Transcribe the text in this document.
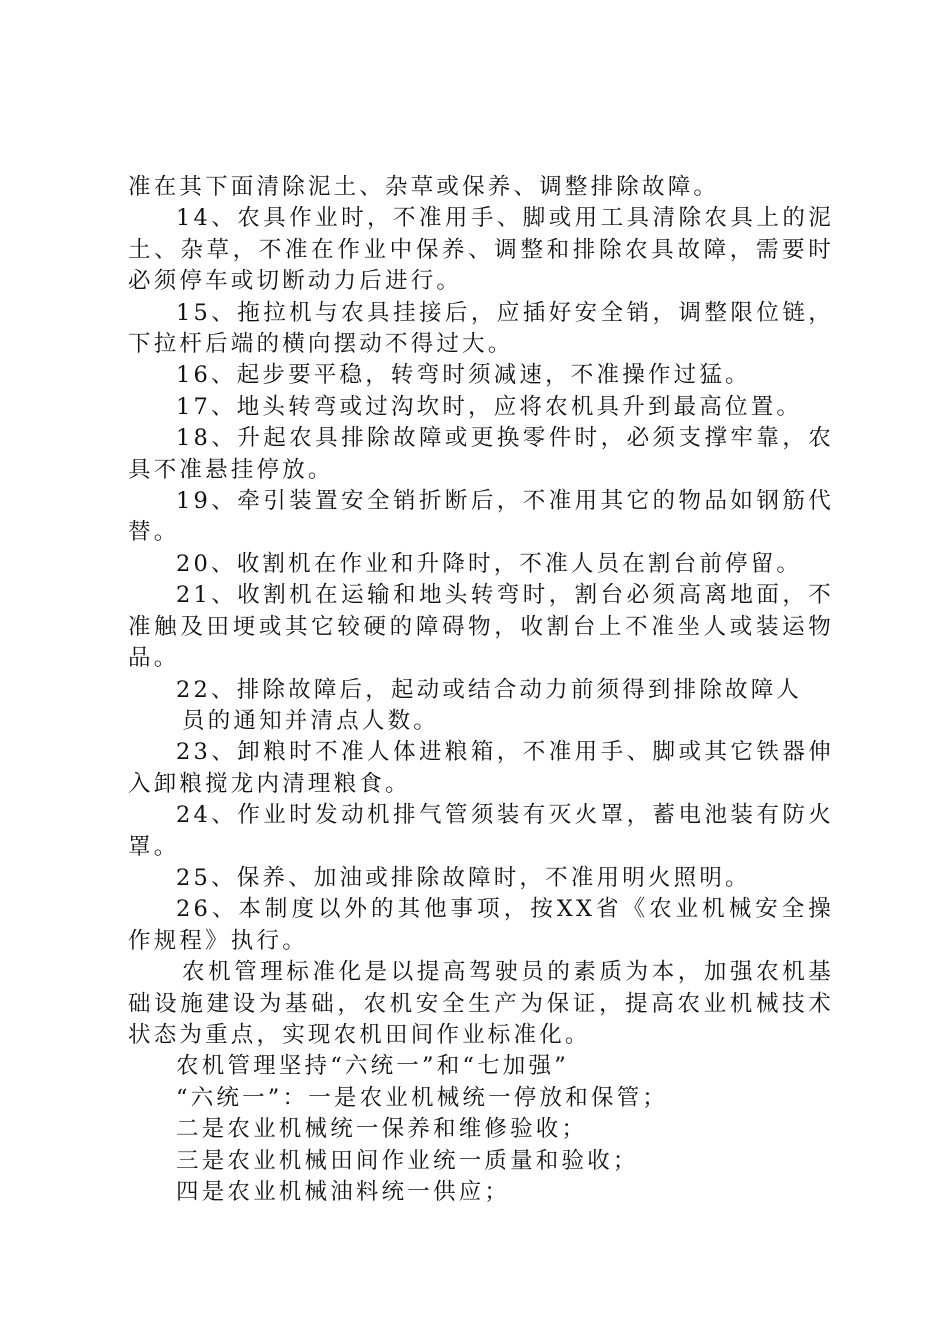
准在其下面清除泥土、杂草或保养、调整排除故障。

14、农具作业时，不准用手、脚或用工具清除农具上的泥土、杂草，不准在作业中保养、调整和排除农具故障，需要时必须停车或切断动力后进行。

15、拖拉机与农具挂接后，应插好安全销，调整限位链，下拉杆后端的横向摆动不得过大。

16、起步要平稳，转弯时须减速，不准操作过猛。

17、地头转弯或过沟坎时，应将农机具升到最高位置。

18、升起农具排除故障或更换零件时，必须支撑牢靠，农具不准悬挂停放。

19、牵引装置安全销折断后，不准用其它的物品如钢筋代替。

20、收割机在作业和升降时，不准人员在割台前停留。

21、收割机在运输和地头转弯时，割台必须高离地面，不准触及田埂或其它较硬的障碍物，收割台上不准坐人或装运物品。

22、排除故障后，起动或结合动力前须得到排除故障人

员的通知并清点人数。

23、卸粮时不准人体进粮箱，不准用手、脚或其它铁器伸入卸粮搅龙内清理粮食。

24、作业时发动机排气管须装有灭火罩，蓄电池装有防火罩。

25、保养、加油或排除故障时，不准用明火照明。

26、本制度以外的其他事项，按XX省《农业机械安全操作规程》执行。

农机管理标准化是以提高驾驶员的素质为本，加强农机基础设施建设为基础，农机安全生产为保证，提高农业机械技术状态为重点，实现农机田间作业标准化。

农机管理坚持“六统一”和“七加强”

“六统一”：一是农业机械统一停放和保管；

二是农业机械统一保养和维修验收；

三是农业机械田间作业统一质量和验收；

四是农业机械油料统一供应；
